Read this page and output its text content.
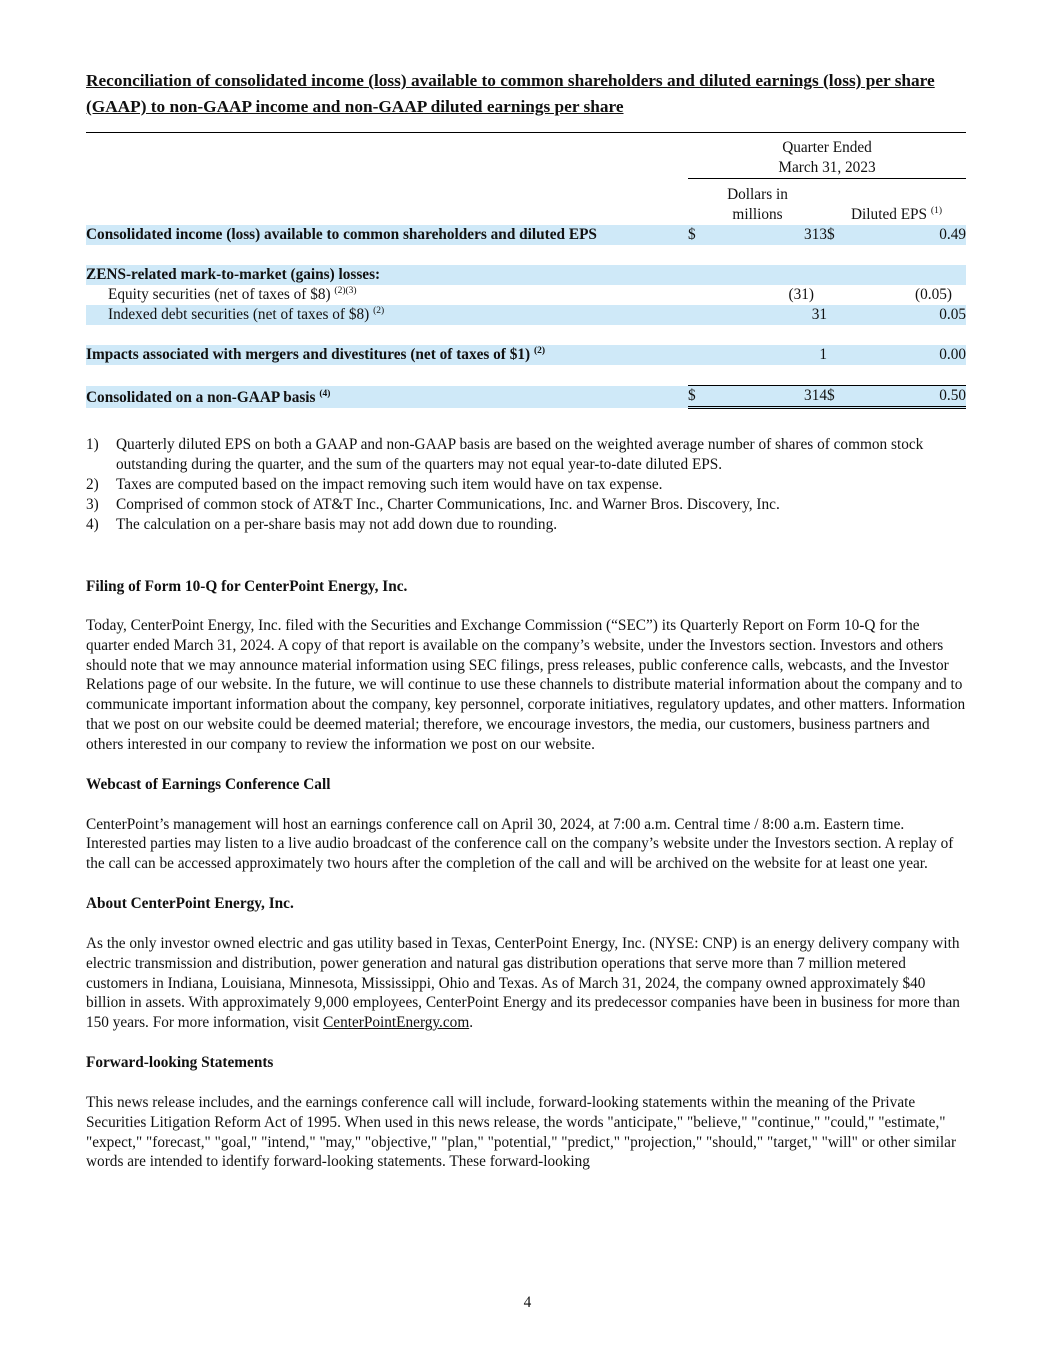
Reconciliation of consolidated income (loss) available to common shareholders and diluted earnings (loss) per share (GAAP) to non-GAAP income and non-GAAP diluted earnings per share

		Quarter Ended
March 31, 2023			

		Dollars in
millions		Diluted EPS $^{(1)}$
Consolidated income (loss) available to common shareholders and diluted EPS		$	313	$	0.49

ZENS-related mark-to-market (gains) losses:					
Equity securities (net of taxes of $8) $^{(2)(3)}$			(31)		(0.05)
Indexed debt securities (net of taxes of $8) $^{(2)}$			31		0.05

Impacts associated with mergers and divestitures (net of taxes of $1) $^{(2)}$			1		0.00

Consolidated on a non-GAAP basis $^{(4)}$		$	314	$	0.50
1) Quarterly diluted EPS on both a GAAP and non-GAAP basis are based on the weighted average number of shares of common stock outstanding during the quarter, and the sum of the quarters may not equal year-to-date diluted EPS.
2) Taxes are computed based on the impact removing such item would have on tax expense.
3) Comprised of common stock of AT&T Inc., Charter Communications, Inc. and Warner Bros. Discovery, Inc.
4) The calculation on a per-share basis may not add down due to rounding.
Filing of Form 10-Q for CenterPoint Energy, Inc.

Today, CenterPoint Energy, Inc. filed with the Securities and Exchange Commission (“SEC”) its Quarterly Report on Form 10-Q for the quarter ended March 31, 2024. A copy of that report is available on the company’s website, under the Investors section. Investors and others should note that we may announce material information using SEC filings, press releases, public conference calls, webcasts, and the Investor Relations page of our website. In the future, we will continue to use these channels to distribute material information about the company and to communicate important information about the company, key personnel, corporate initiatives, regulatory updates, and other matters. Information that we post on our website could be deemed material; therefore, we encourage investors, the media, our customers, business partners and others interested in our company to review the information we post on our website.

Webcast of Earnings Conference Call

CenterPoint’s management will host an earnings conference call on April 30, 2024, at 7:00 a.m. Central time / 8:00 a.m. Eastern time. Interested parties may listen to a live audio broadcast of the conference call on the company’s website under the Investors section. A replay of the call can be accessed approximately two hours after the completion of the call and will be archived on the website for at least one year.

About CenterPoint Energy, Inc.

As the only investor owned electric and gas utility based in Texas, CenterPoint Energy, Inc. (NYSE: CNP) is an energy delivery company with electric transmission and distribution, power generation and natural gas distribution operations that serve more than 7 million metered customers in Indiana, Louisiana, Minnesota, Mississippi, Ohio and Texas. As of March 31, 2024, the company owned approximately $40 billion in assets. With approximately 9,000 employees, CenterPoint Energy and its predecessor companies have been in business for more than 150 years. For more information, visit CenterPointEnergy.com.

Forward-looking Statements

This news release includes, and the earnings conference call will include, forward-looking statements within the meaning of the Private Securities Litigation Reform Act of 1995. When used in this news release, the words "anticipate," "believe," "continue," "could," "estimate," "expect," "forecast," "goal," "intend," "may," "objective," "plan," "potential," "predict," "projection," "should," "target," "will" or other similar words are intended to identify forward-looking statements. These forward-looking

4
